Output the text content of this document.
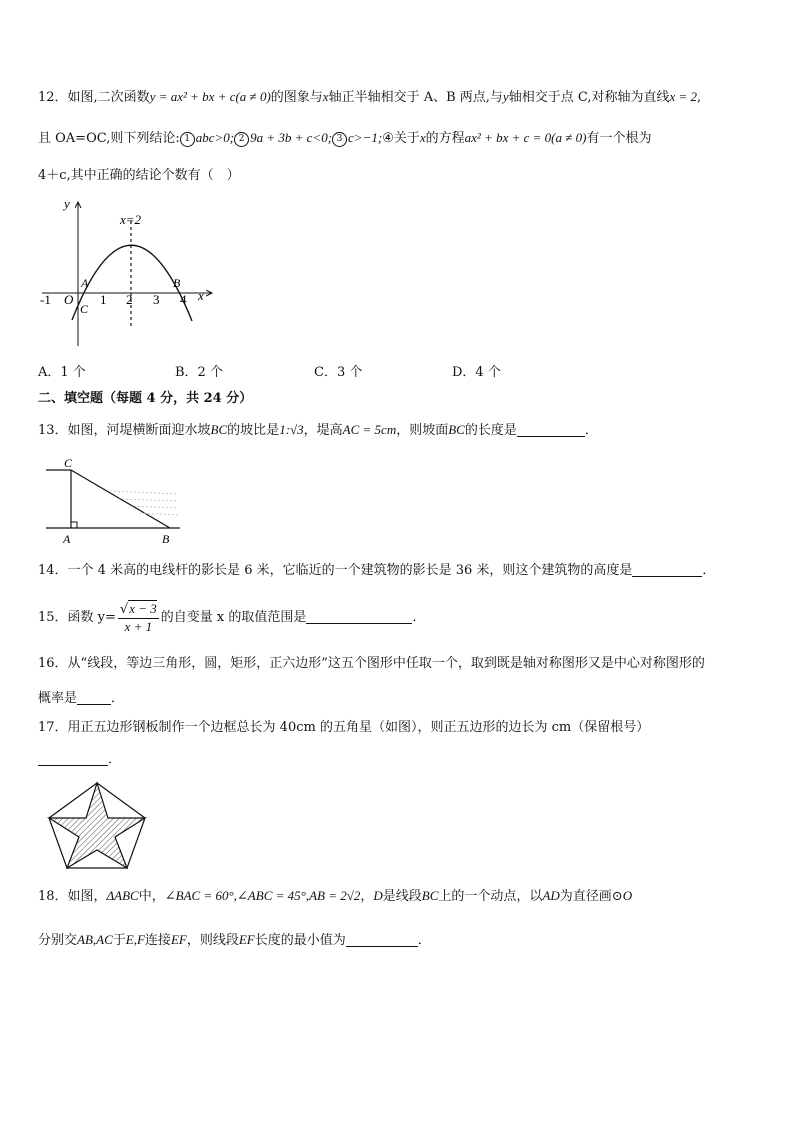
12．如图,二次函数y = ax² + bx + c(a ≠ 0)的图象与x轴正半轴相交于 A、B 两点,与y轴相交于点 C,对称轴为直线x = 2,
且 OA=OC,则下列结论: 1 abc>0; 2 9a + 3b + c<0; 3 c>−1;④关于x的方程ax² + bx + c = 0(a ≠ 0)有一个根为
4＋c,其中正确的结论个数有（　）
y
x
x=2
-1 O 1 2 3 4
A	B
C
A．1 个	B．2 个	C．3 个	D．4 个
二、填空题（每题 4 分，共 24 分）
13．如图，河堤横断面迎水坡BC的坡比是1:√3，堤高AC = 5cm，则坡面BC的长度是	．
C
A	B
14．一个 4 米高的电线杆的影长是 6 米，它临近的一个建筑物的影长是 36 米，则这个建筑物的高度是	．
15．函数 $y= \frac{√x - 3}{x + 1}$ 的自变量 x 的取值范围是	．
16．从“线段，等边三角形，圆，矩形，正六边形”这五个图形中任取一个，取到既是轴对称图形又是中心对称图形的
概率是	．
17．用正五边形钢板制作一个边框总长为 40cm 的五角星（如图），则正五边形的边长为 cm（保留根号）
．
18．如图，ΔABC中，∠BAC = 60°,∠ABC = 45°,AB = 2√2，D是线段BC上的一个动点，以AD为直径画⊙O
分别交AB,AC于E,F连接EF，则线段EF长度的最小值为	．
